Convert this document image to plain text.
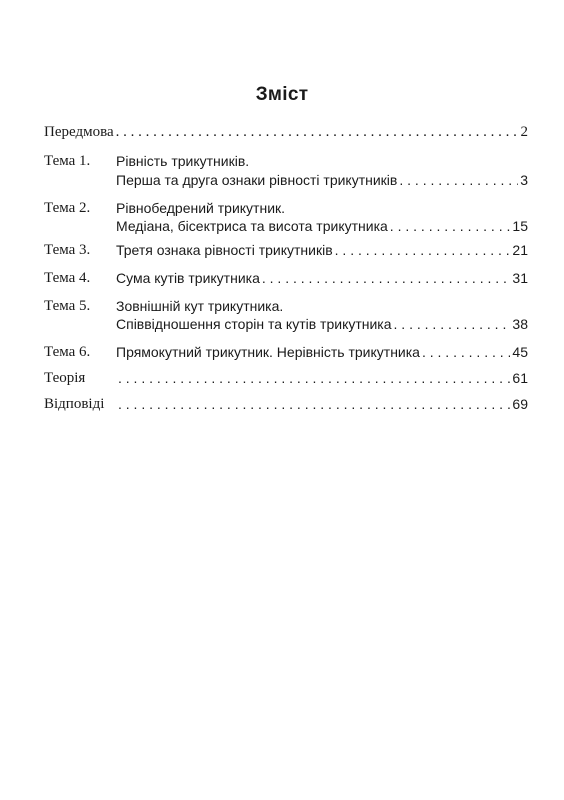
Зміст
Передмова . . .	2
Тема 1. Рівність трикутників.
Перша та друга ознаки рівності трикутників . . .	3
Тема 2. Рівнобедрений трикутник.
Медіана, бісектриса та висота трикутника . . .	15
Тема 3. Третя ознака рівності трикутників . . .	21
Тема 4. Сума кутів трикутника . . .	31
Тема 5. Зовнішній кут трикутника.
Співвідношення сторін та кутів трикутника . . .	38
Тема 6. Прямокутний трикутник. Нерівність трикутника . . .	45
Теорія . . .	61
Відповіді . . .	69
